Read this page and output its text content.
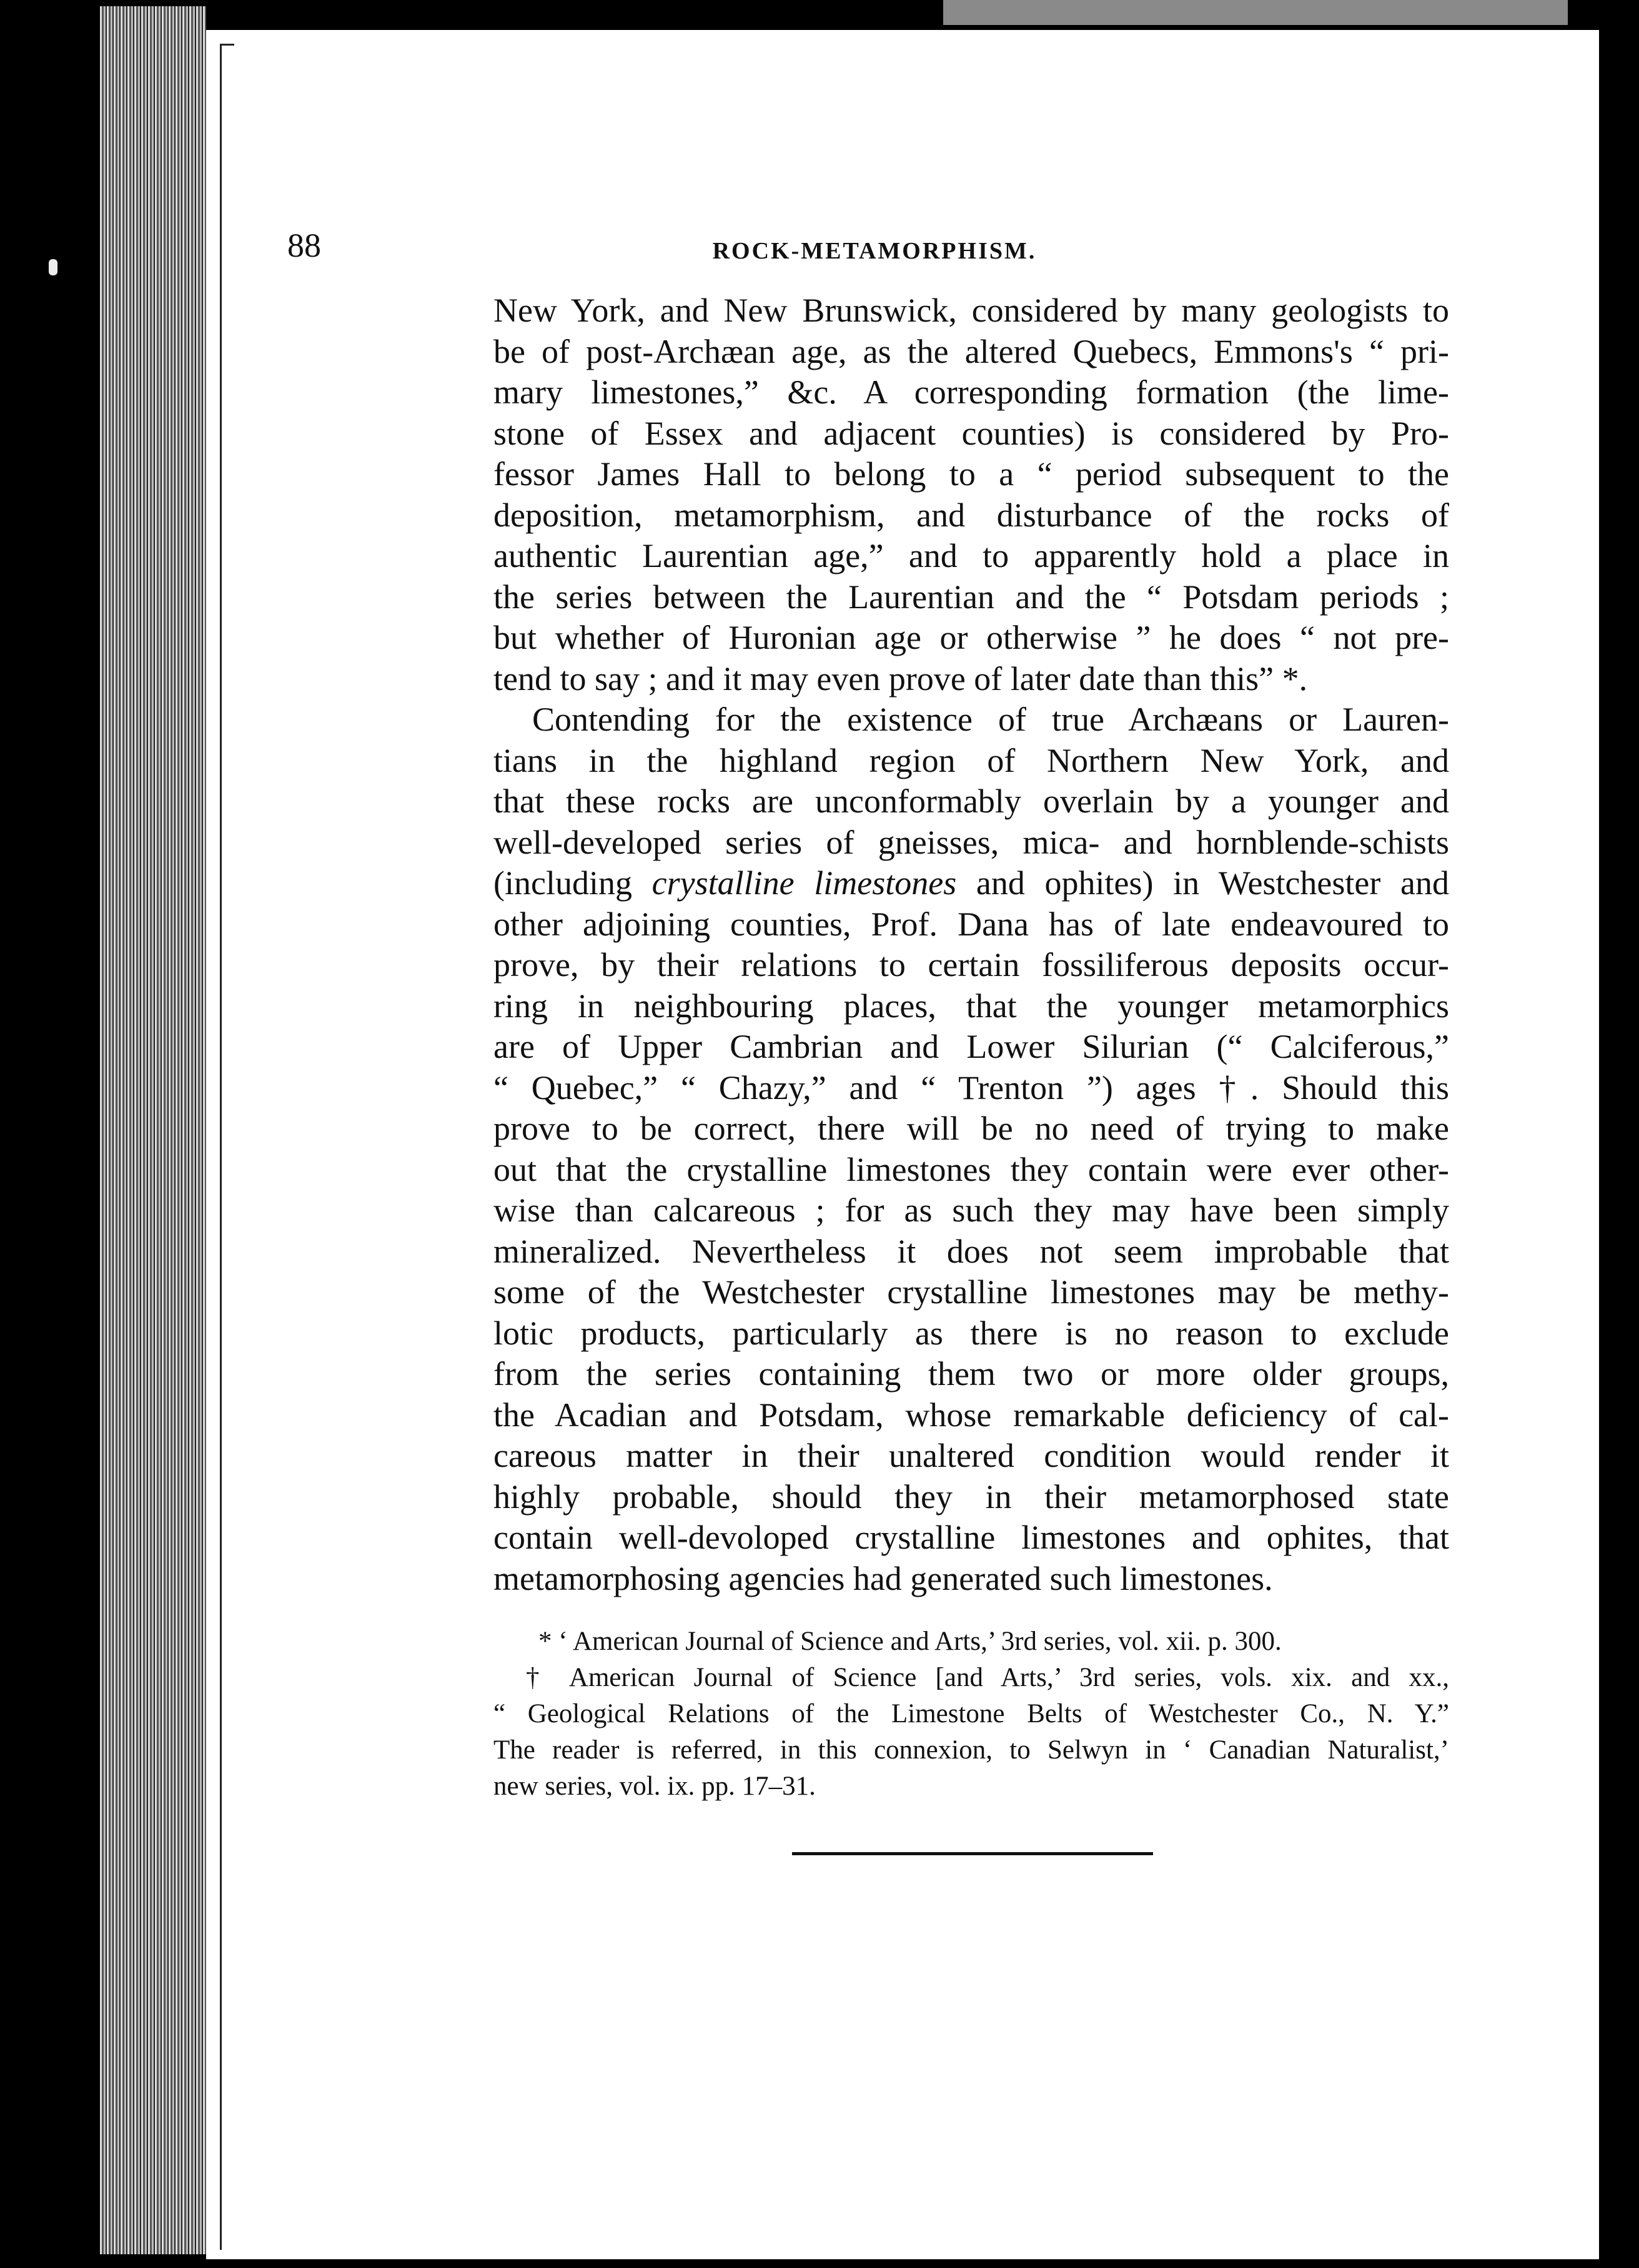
88	ROCK-METAMORPHISM.
New York, and New Brunswick, considered by many geologists to
be of post-Archæan age, as the altered Quebecs, Emmons's “ pri-
mary limestones,” &c. A corresponding formation (the lime-
stone of Essex and adjacent counties) is considered by Pro-
fessor James Hall to belong to a “ period subsequent to the
deposition, metamorphism, and disturbance of the rocks of
authentic Laurentian age,” and to apparently hold a place in
the series between the Laurentian and the “ Potsdam periods ;
but whether of Huronian age or otherwise ” he does “ not pre-
tend to say ; and it may even prove of later date than this” *.
Contending for the existence of true Archæans or Lauren-
tians in the highland region of Northern New York, and
that these rocks are unconformably overlain by a younger and
well-developed series of gneisses, mica- and hornblende-schists
(including crystalline limestones and ophites) in Westchester and
other adjoining counties, Prof. Dana has of late endeavoured to
prove, by their relations to certain fossiliferous deposits occur-
ring in neighbouring places, that the younger metamorphics
are of Upper Cambrian and Lower Silurian (“ Calciferous,”
“ Quebec,” “ Chazy,” and “ Trenton ”) ages †. Should this
prove to be correct, there will be no need of trying to make
out that the crystalline limestones they contain were ever other-
wise than calcareous ; for as such they may have been simply
mineralized. Nevertheless it does not seem improbable that
some of the Westchester crystalline limestones may be methy-
lotic products, particularly as there is no reason to exclude
from the series containing them two or more older groups,
the Acadian and Potsdam, whose remarkable deficiency of cal-
careous matter in their unaltered condition would render it
highly probable, should they in their metamorphosed state
contain well-devoloped crystalline limestones and ophites, that
metamorphosing agencies had generated such limestones.
* ‘ American Journal of Science and Arts,’ 3rd series, vol. xii. p. 300.
† American Journal of Science [and Arts,’ 3rd series, vols. xix. and xx.,
“ Geological Relations of the Limestone Belts of Westchester Co., N. Y.”
The reader is referred, in this connexion, to Selwyn in ‘ Canadian Naturalist,’
new series, vol. ix. pp. 17–31.
